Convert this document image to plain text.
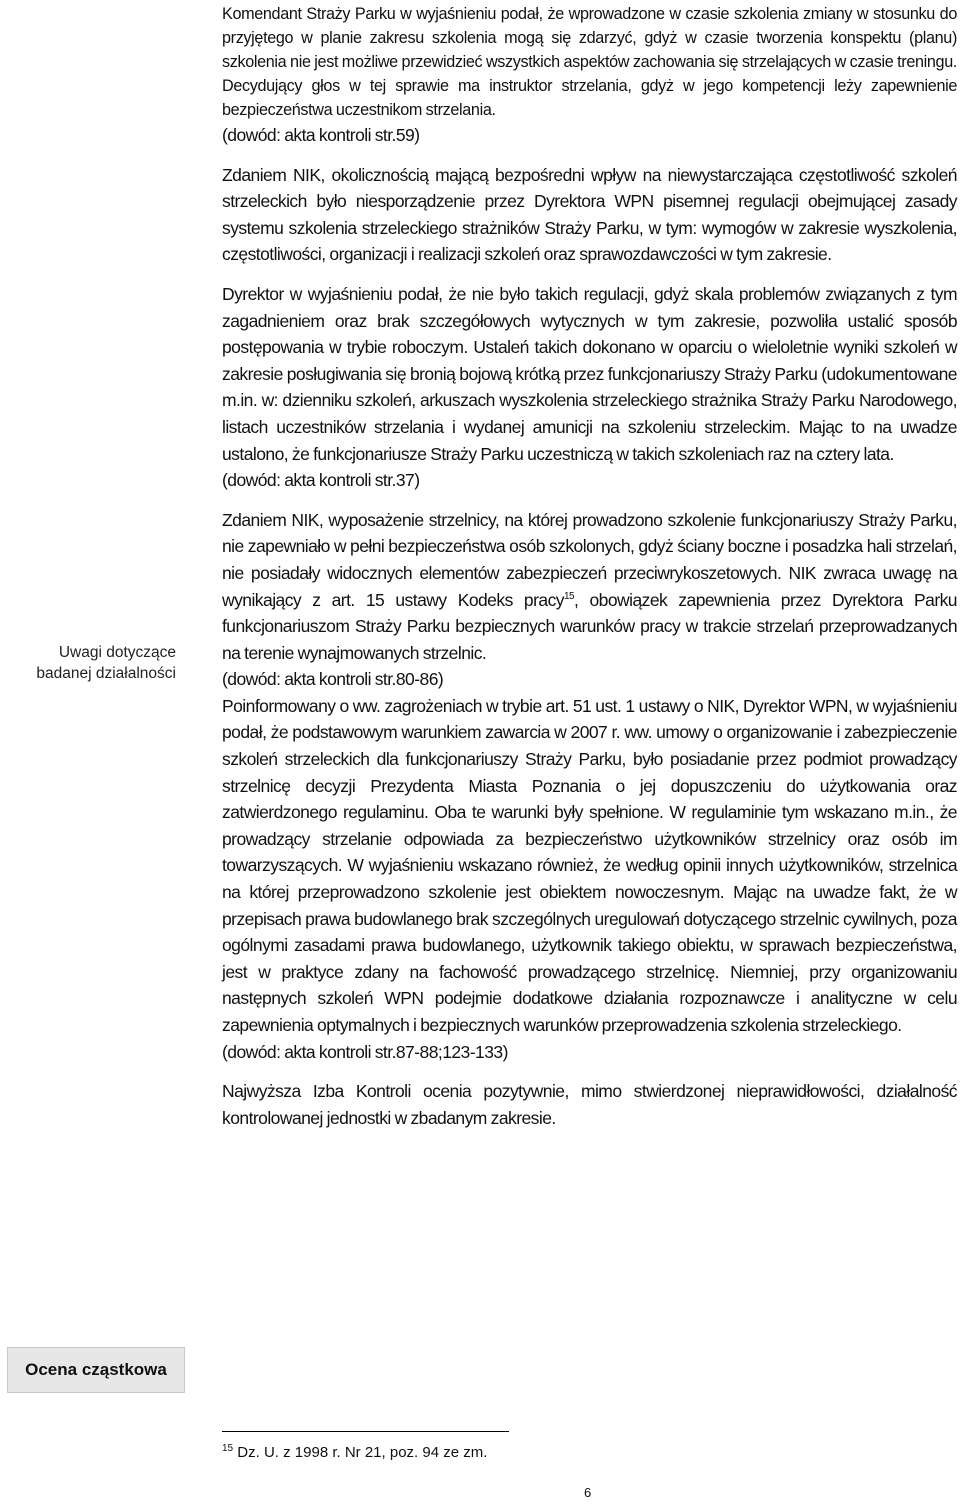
Uwagi dotyczące
badanej działalności
Ocena cząstkowa

Komendant Straży Parku w wyjaśnieniu podał, że wprowadzone w czasie szkolenia zmiany w stosunku do przyjętego w planie zakresu szkolenia mogą się zdarzyć, gdyż w czasie tworzenia konspektu (planu) szkolenia nie jest możliwe przewidzieć wszystkich aspektów zachowania się strzelających w czasie treningu. Decydujący głos w tej sprawie ma instruktor strzelania, gdyż w jego kompetencji leży zapewnienie bezpieczeństwa uczestnikom strzelania.

(dowód: akta kontroli str.59)

Zdaniem NIK, okolicznością mającą bezpośredni wpływ na niewystarczająca częstotliwość szkoleń strzeleckich było niesporządzenie przez Dyrektora WPN pisemnej regulacji obejmującej zasady systemu szkolenia strzeleckiego strażników Straży Parku, w tym: wymogów w zakresie wyszkolenia, częstotliwości, organizacji i realizacji szkoleń oraz sprawozdawczości w tym zakresie.

Dyrektor w wyjaśnieniu podał, że nie było takich regulacji, gdyż skala problemów związanych z tym zagadnieniem oraz brak szczegółowych wytycznych w tym zakresie, pozwoliła ustalić sposób postępowania w trybie roboczym. Ustaleń takich dokonano w oparciu o wieloletnie wyniki szkoleń w zakresie posługiwania się bronią bojową krótką przez funkcjonariuszy Straży Parku (udokumentowane m.in. w: dzienniku szkoleń, arkuszach wyszkolenia strzeleckiego strażnika Straży Parku Narodowego, listach uczestników strzelania i wydanej amunicji na szkoleniu strzeleckim. Mając to na uwadze ustalono, że funkcjonariusze Straży Parku uczestniczą w takich szkoleniach raz na cztery lata.

(dowód: akta kontroli str.37)

Zdaniem NIK, wyposażenie strzelnicy, na której prowadzono szkolenie funkcjonariuszy Straży Parku, nie zapewniało w pełni bezpieczeństwa osób szkolonych, gdyż ściany boczne i posadzka hali strzelań, nie posiadały widocznych elementów zabezpieczeń przeciwrykoszetowych. NIK zwraca uwagę na wynikający z art. 15 ustawy Kodeks pracy$^{15}$, obowiązek zapewnienia przez Dyrektora Parku funkcjonariuszom Straży Parku bezpiecznych warunków pracy w trakcie strzelań przeprowadzanych na terenie wynajmowanych strzelnic.

(dowód: akta kontroli str.80-86)

Poinformowany o ww. zagrożeniach w trybie art. 51 ust. 1 ustawy o NIK, Dyrektor WPN, w wyjaśnieniu podał, że podstawowym warunkiem zawarcia w 2007 r. ww. umowy o organizowanie i zabezpieczenie szkoleń strzeleckich dla funkcjonariuszy Straży Parku, było posiadanie przez podmiot prowadzący strzelnicę decyzji Prezydenta Miasta Poznania o jej dopuszczeniu do użytkowania oraz zatwierdzonego regulaminu. Oba te warunki były spełnione. W regulaminie tym wskazano m.in., że prowadzący strzelanie odpowiada za bezpieczeństwo użytkowników strzelnicy oraz osób im towarzyszących. W wyjaśnieniu wskazano również, że według opinii innych użytkowników, strzelnica na której przeprowadzono szkolenie jest obiektem nowoczesnym. Mając na uwadze fakt, że w przepisach prawa budowlanego brak szczególnych uregulowań dotyczącego strzelnic cywilnych, poza ogólnymi zasadami prawa budowlanego, użytkownik takiego obiektu, w sprawach bezpieczeństwa, jest w praktyce zdany na fachowość prowadzącego strzelnicę. Niemniej, przy organizowaniu następnych szkoleń WPN podejmie dodatkowe działania rozpoznawcze i analityczne w celu zapewnienia optymalnych i bezpiecznych warunków przeprowadzenia szkolenia strzeleckiego.

(dowód: akta kontroli str.87-88;123-133)

Najwyższa Izba Kontroli ocenia pozytywnie, mimo stwierdzonej nieprawidłowości, działalność kontrolowanej jednostki w zbadanym zakresie.

$^{15}$ Dz. U. z 1998 r. Nr 21, poz. 94 ze zm.
6
